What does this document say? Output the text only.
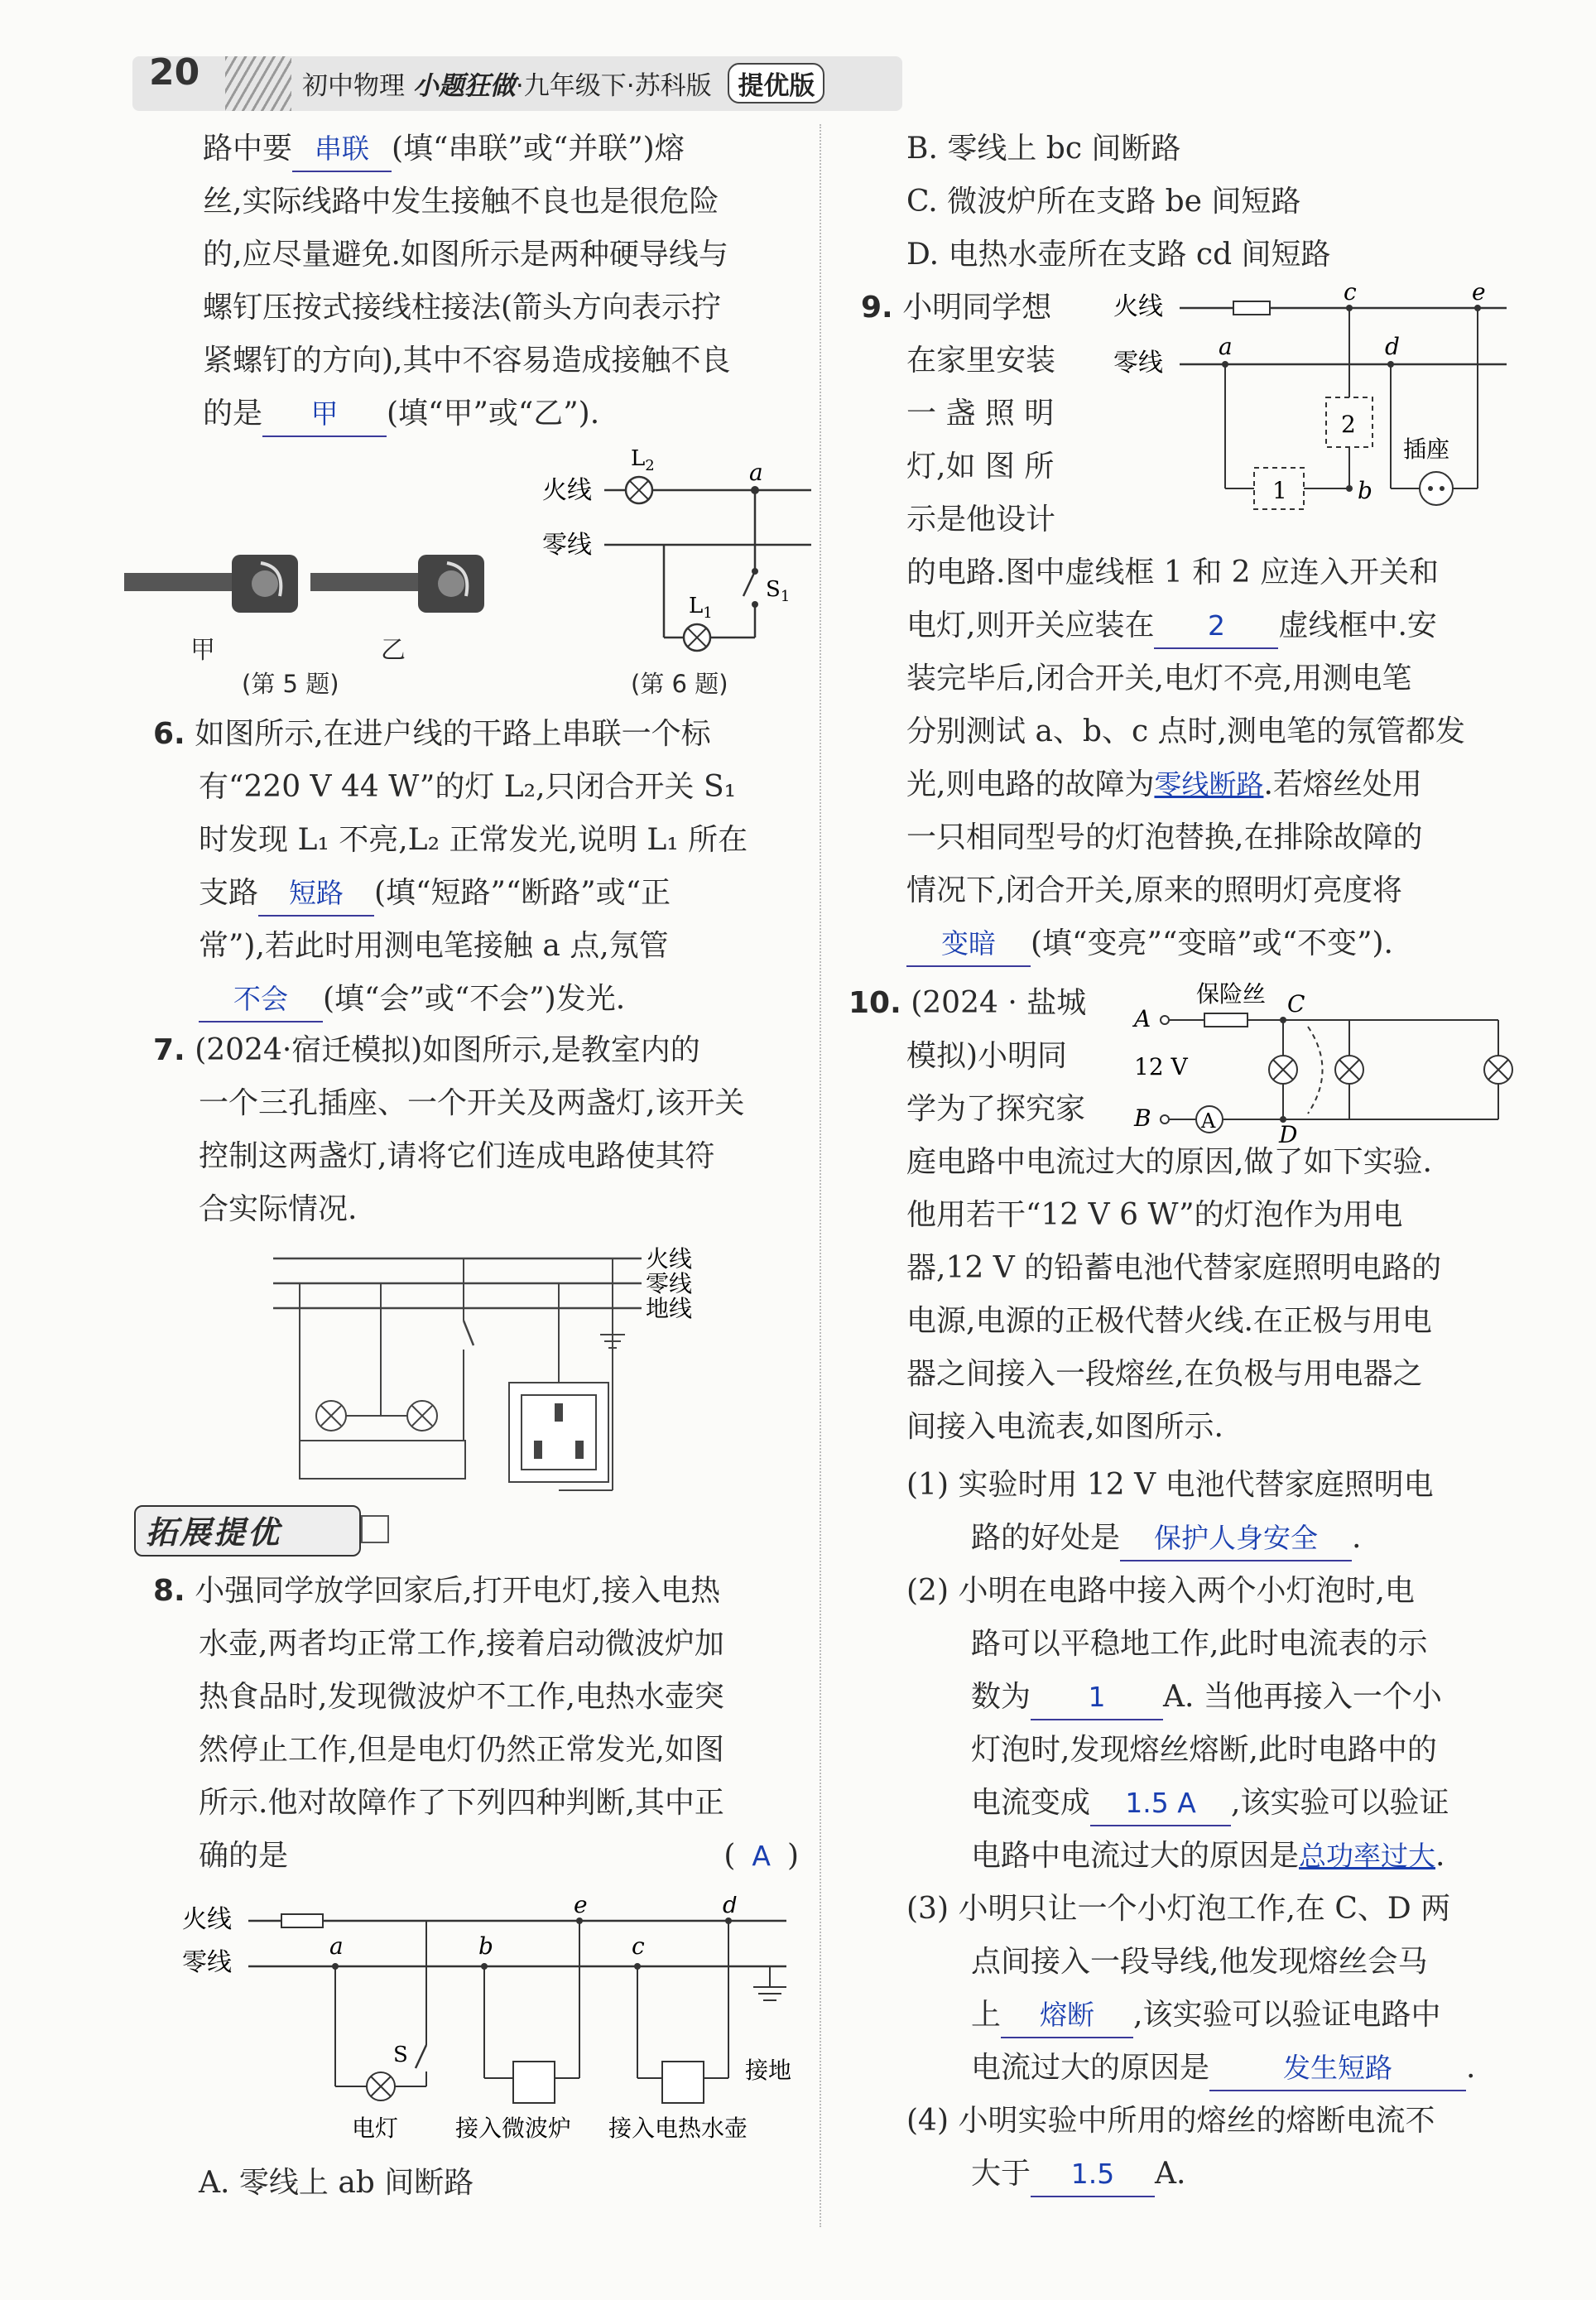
20	初中物理 小题狂做·九年级下·苏科版 提优版
路中要 串联 (填“串联”或“并联”)熔
丝,实际线路中发生接触不良也是很危险
的,应尽量避免.如图所示是两种硬导线与
螺钉压按式接线柱接法(箭头方向表示拧
紧螺钉的方向),其中不容易造成接触不良
的是 甲 (填“甲”或“乙”).
甲	乙
(第 5 题)
火线
零线
$L_2$	a
$S_1$
$L_1$
(第 6 题)
6. 如图所示,在进户线的干路上串联一个标
有“220 V 44 W”的灯 L₂,只闭合开关 S₁
时发现 L₁ 不亮,L₂ 正常发光,说明 L₁ 所在
支路 短路 (填“短路”“断路”或“正
常”),若此时用测电笔接触 a 点,氖管
不会 (填“会”或“不会”)发光.
7. (2024·宿迁模拟)如图所示,是教室内的
一个三孔插座、一个开关及两盏灯,该开关
控制这两盏灯,请将它们连成电路使其符
合实际情况.
火线
零线
地线
拓展提优
8. 小强同学放学回家后,打开电灯,接入电热
水壶,两者均正常工作,接着启动微波炉加
热食品时,发现微波炉不工作,电热水壶突
然停止工作,但是电灯仍然正常发光,如图
所示.他对故障作了下列四种判断,其中正
确的是	( A )
火线
零线
a	b	c
e	d
S
电灯 接入微波炉 接入电热水壶
接地
A. 零线上 ab 间断路
B. 零线上 bc 间断路
C. 微波炉所在支路 be 间短路
D. 电热水壶所在支路 cd 间短路
9. 小明同学想
在家里安装
一 盏 照 明
灯,如 图 所
示是他设计
火线
零线
a
c
d
e
1	b
2
插座
的电路.图中虚线框 1 和 2 应连入开关和
电灯,则开关应装在 2 虚线框中.安
装完毕后,闭合开关,电灯不亮,用测电笔
分别测试 a、b、c 点时,测电笔的氖管都发
光,则电路的故障为零线断路.若熔丝处用
一只相同型号的灯泡替换,在排除故障的
情况下,闭合开关,原来的照明灯亮度将
变暗 (填“变亮”“变暗”或“不变”).
10. (2024 · 盐城
模拟)小明同
学为了探究家
A
保险丝 C
12 V
B	A	D
庭电路中电流过大的原因,做了如下实验.
他用若干“12 V 6 W”的灯泡作为用电
器,12 V 的铅蓄电池代替家庭照明电路的
电源,电源的正极代替火线.在正极与用电
器之间接入一段熔丝,在负极与用电器之
间接入电流表,如图所示.
(1) 实验时用 12 V 电池代替家庭照明电
路的好处是 保护人身安全 .
(2) 小明在电路中接入两个小灯泡时,电
路可以平稳地工作,此时电流表的示
数为 1 A. 当他再接入一个小
灯泡时,发现熔丝熔断,此时电路中的
电流变成 1.5 A ,该实验可以验证
电路中电流过大的原因是总功率过大.
(3) 小明只让一个小灯泡工作,在 C、D 两
点间接入一段导线,他发现熔丝会马
上 熔断 ,该实验可以验证电路中
电流过大的原因是	发生短路 .
(4) 小明实验中所用的熔丝的熔断电流不
大于 1.5 A.
